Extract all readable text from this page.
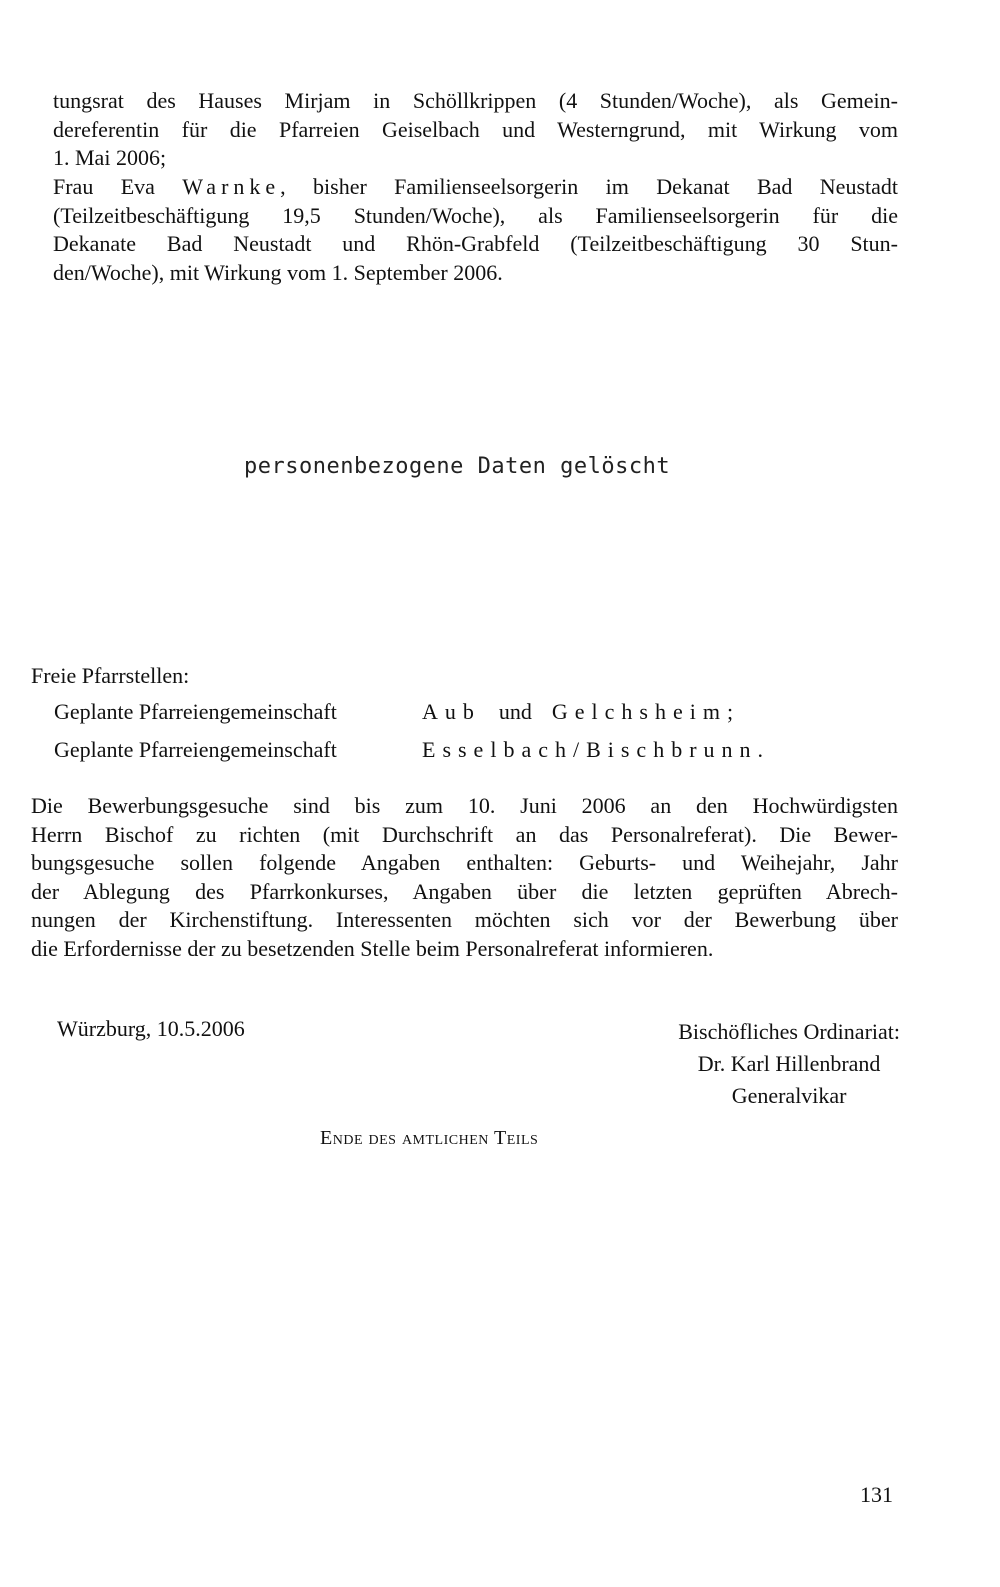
tungsrat des Hauses Mirjam in Schöllkrippen (4 Stunden/Woche), als Gemein-
dereferentin für die Pfarreien Geiselbach und Westerngrund, mit Wirkung vom
1. Mai 2006;
Frau Eva Warnke, bisher Familienseelsorgerin im Dekanat Bad Neustadt
(Teilzeitbeschäftigung 19,5 Stunden/Woche), als Familienseelsorgerin für die
Dekanate Bad Neustadt und Rhön-Grabfeld (Teilzeitbeschäftigung 30 Stun-
den/Woche), mit Wirkung vom 1. September 2006.
personenbezogene Daten gelöscht
Freie Pfarrstellen:
Geplante Pfarreiengemeinschaft	Aub und Gelchsheim;
Geplante Pfarreiengemeinschaft	Esselbach/Bischbrunn.
Die Bewerbungsgesuche sind bis zum 10. Juni 2006 an den Hochwürdigsten
Herrn Bischof zu richten (mit Durchschrift an das Personalreferat). Die Bewer-
bungsgesuche sollen folgende Angaben enthalten: Geburts- und Weihejahr, Jahr
der Ablegung des Pfarrkonkurses, Angaben über die letzten geprüften Abrech-
nungen der Kirchenstiftung. Interessenten möchten sich vor der Bewerbung über
die Erfordernisse der zu besetzenden Stelle beim Personalreferat informieren.
Würzburg, 10.5.2006	Bischöfliches Ordinariat:
Dr. Karl Hillenbrand
Generalvikar
Ende des amtlichen Teils
131
